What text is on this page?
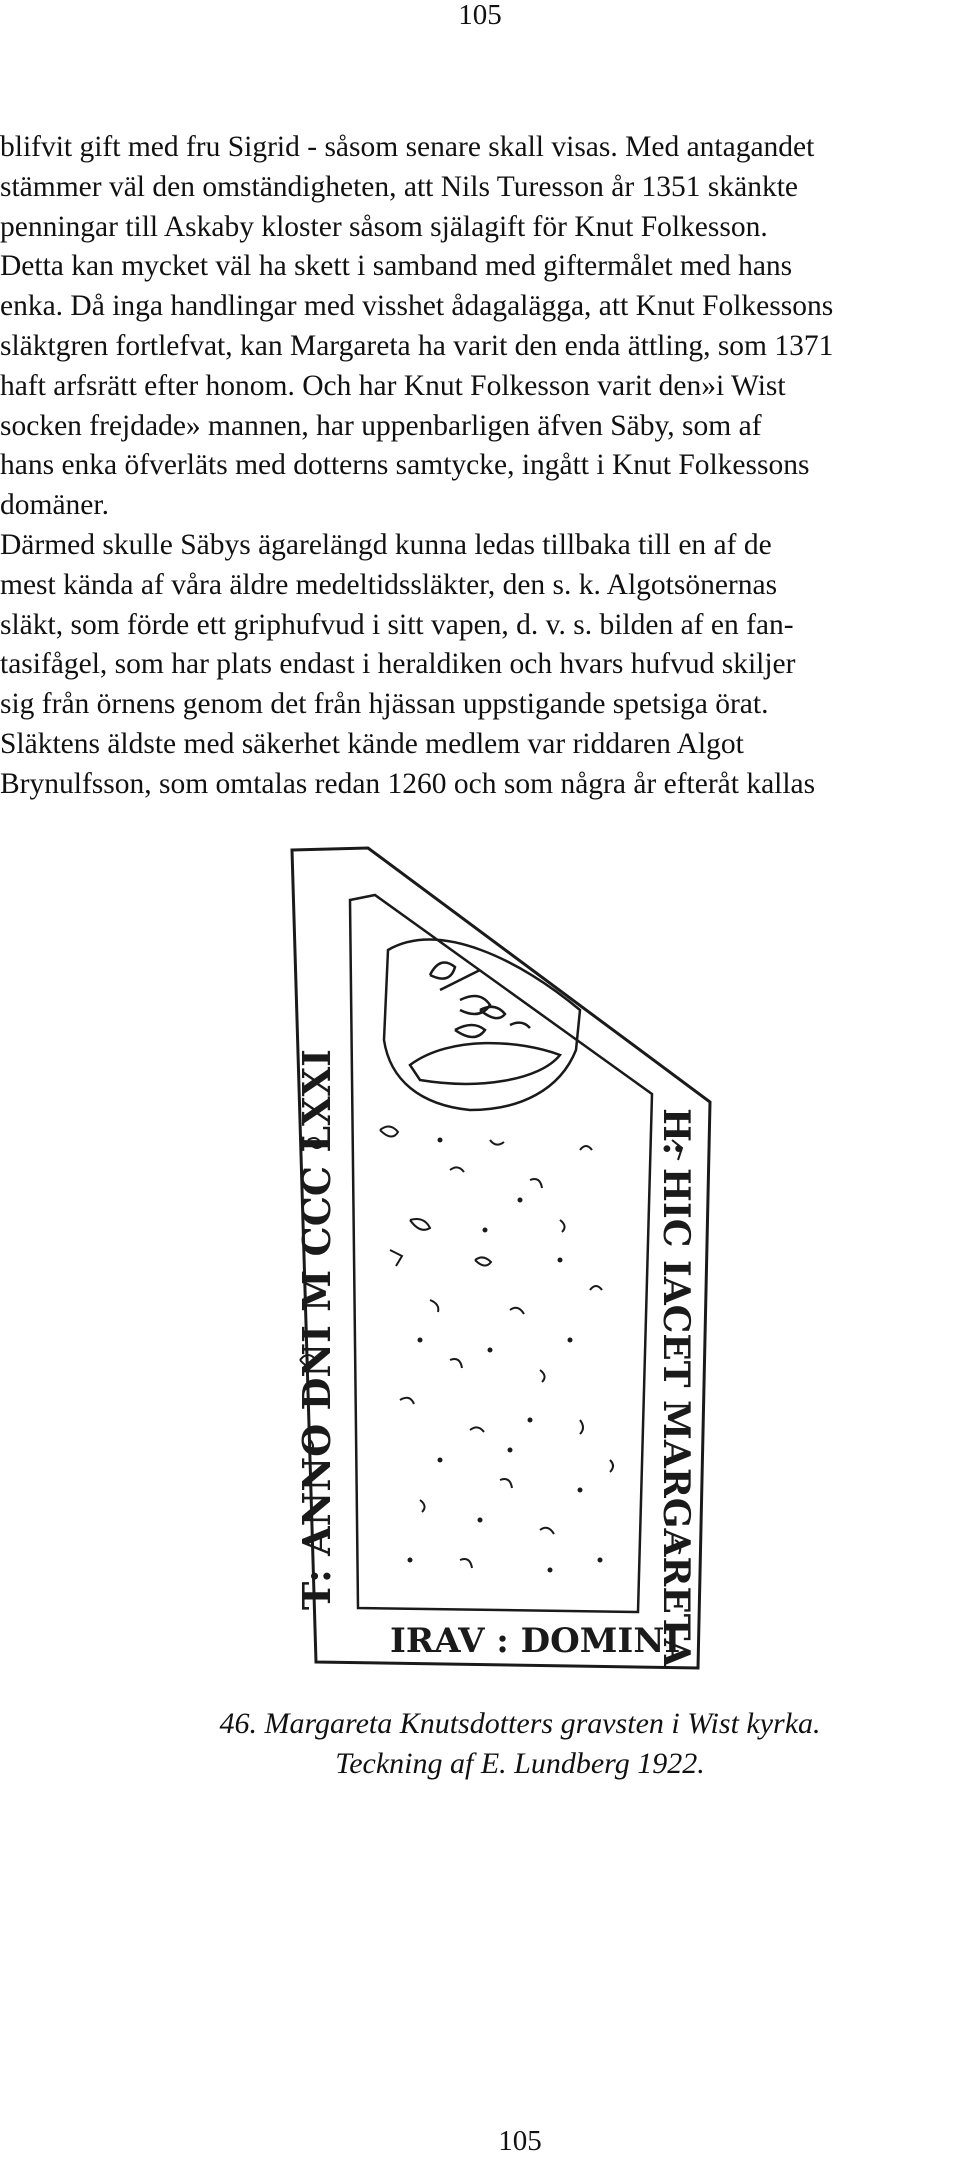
105
blifvit gift med fru Sigrid - såsom senare skall visas. Med antagandet
stämmer väl den omständigheten, att Nils Turesson år 1351 skänkte
penningar till Askaby kloster såsom själagift för Knut Folkesson.
Detta kan mycket väl ha skett i samband med giftermålet med hans
enka. Då inga handlingar med visshet ådagalägga, att Knut Folkessons
släktgren fortlefvat, kan Margareta ha varit den enda ättling, som 1371
haft arfsrätt efter honom. Och har Knut Folkesson varit den»i Wist
socken frejdade» mannen, har uppenbarligen äfven Säby, som af
hans enka öfverläts med dotterns samtycke, ingått i Knut Folkessons
domäner.
Därmed skulle Säbys ägarelängd kunna ledas tillbaka till en af de
mest kända af våra äldre medeltidssläkter, den s. k. Algotsönernas
släkt, som förde ett griphufvud i sitt vapen, d. v. s. bilden af en fan-
tasifågel, som har plats endast i heraldiken och hvars hufvud skiljer
sig från örnens genom det från hjässan uppstigande spetsiga örat.
Släktens äldste med säkerhet kände medlem var riddaren Algot
Brynulfsson, som omtalas redan 1260 och som några år efteråt kallas
T: ANNO DNI M CCC LXXI	H: HIC IACET MARGARETA
IRAV : DOMINI
46. Margareta Knutsdotters gravsten i Wist kyrka.
Teckning af E. Lundberg 1922.
105
